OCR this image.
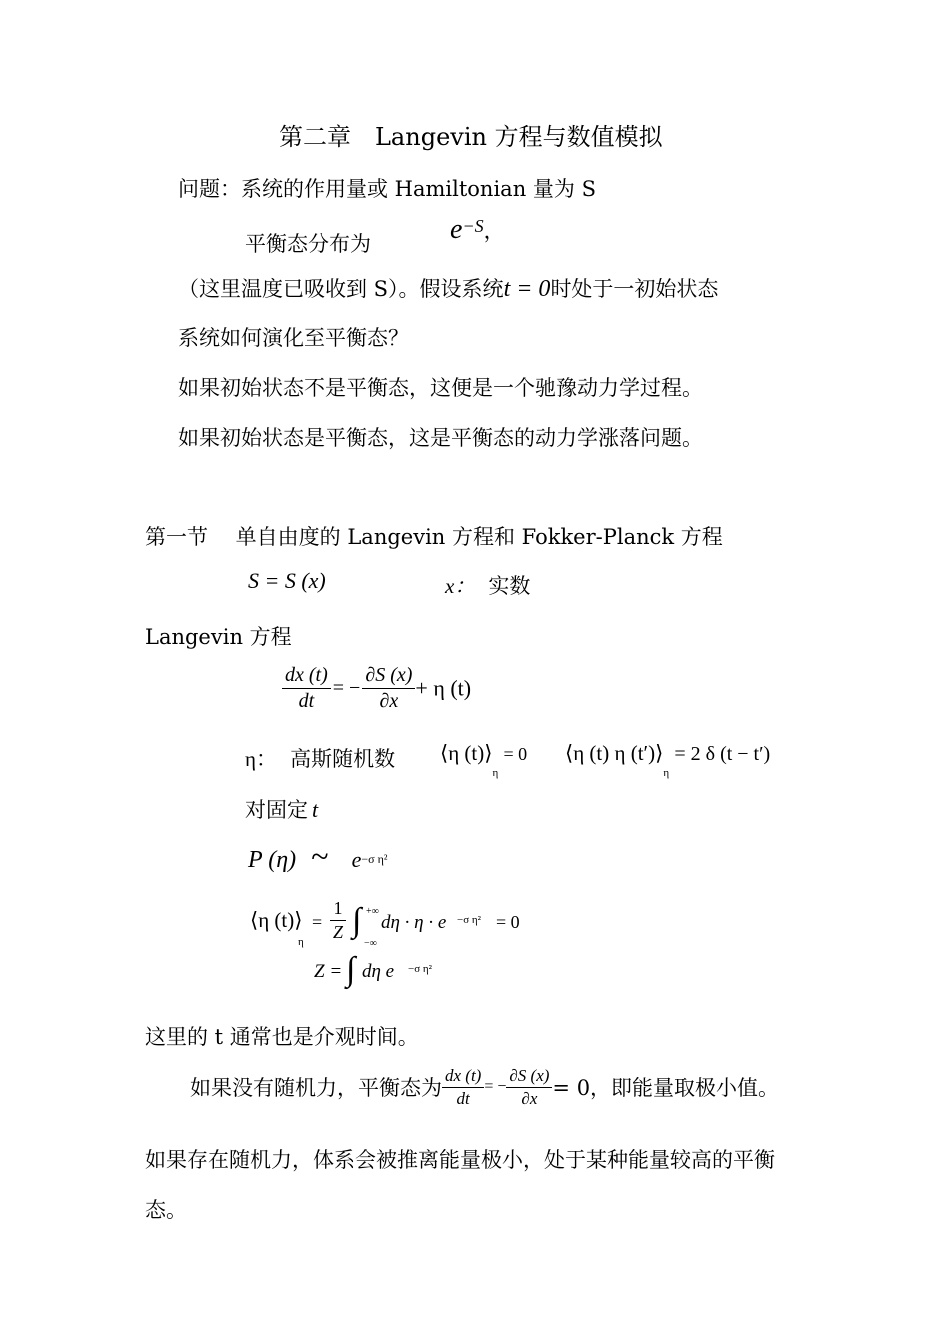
第二章　Langevin 方程与数值模拟
问题：系统的作用量或 Hamiltonian 量为 S
平衡态分布为	e−S，
（这里温度已吸收到 S）。假设系统t = 0时处于一初始状态
系统如何演化至平衡态？
如果初始状态不是平衡态，这便是一个驰豫动力学过程。
如果初始状态是平衡态，这是平衡态的动力学涨落问题。
第一节　 单自由度的 Langevin 方程和 Fokker-Planck 方程
S = S (x)	x： 实数
Langevin 方程
$\frac{dx (t)}{dt}$ = − $\frac{\partial S (x)}{\partial x} + \eta$ (t)
η： 高斯随机数 ⟨η $(t)⟩_\eta = 0$ ⟨η (t) η $(t')⟩_\eta = 2$ δ (t − t′)
对固定 t
P (η) ~ $e^{-\sigma \eta^2}$
⟨η (t)⟩
η
= $\frac{1}{Z}$ ∫ +∞
−∞
dη · η · e −σ η² = 0
Z = ∫ dη e −σ η²
这里的 t 通常也是介观时间。
如果没有随机力，平衡态为 $\frac{dx (t)}{dt}$ = − $\frac{\partial S (x)}{\partial x} = 0$，即能量取极小值。
如果存在随机力，体系会被推离能量极小，处于某种能量较高的平衡
态。
